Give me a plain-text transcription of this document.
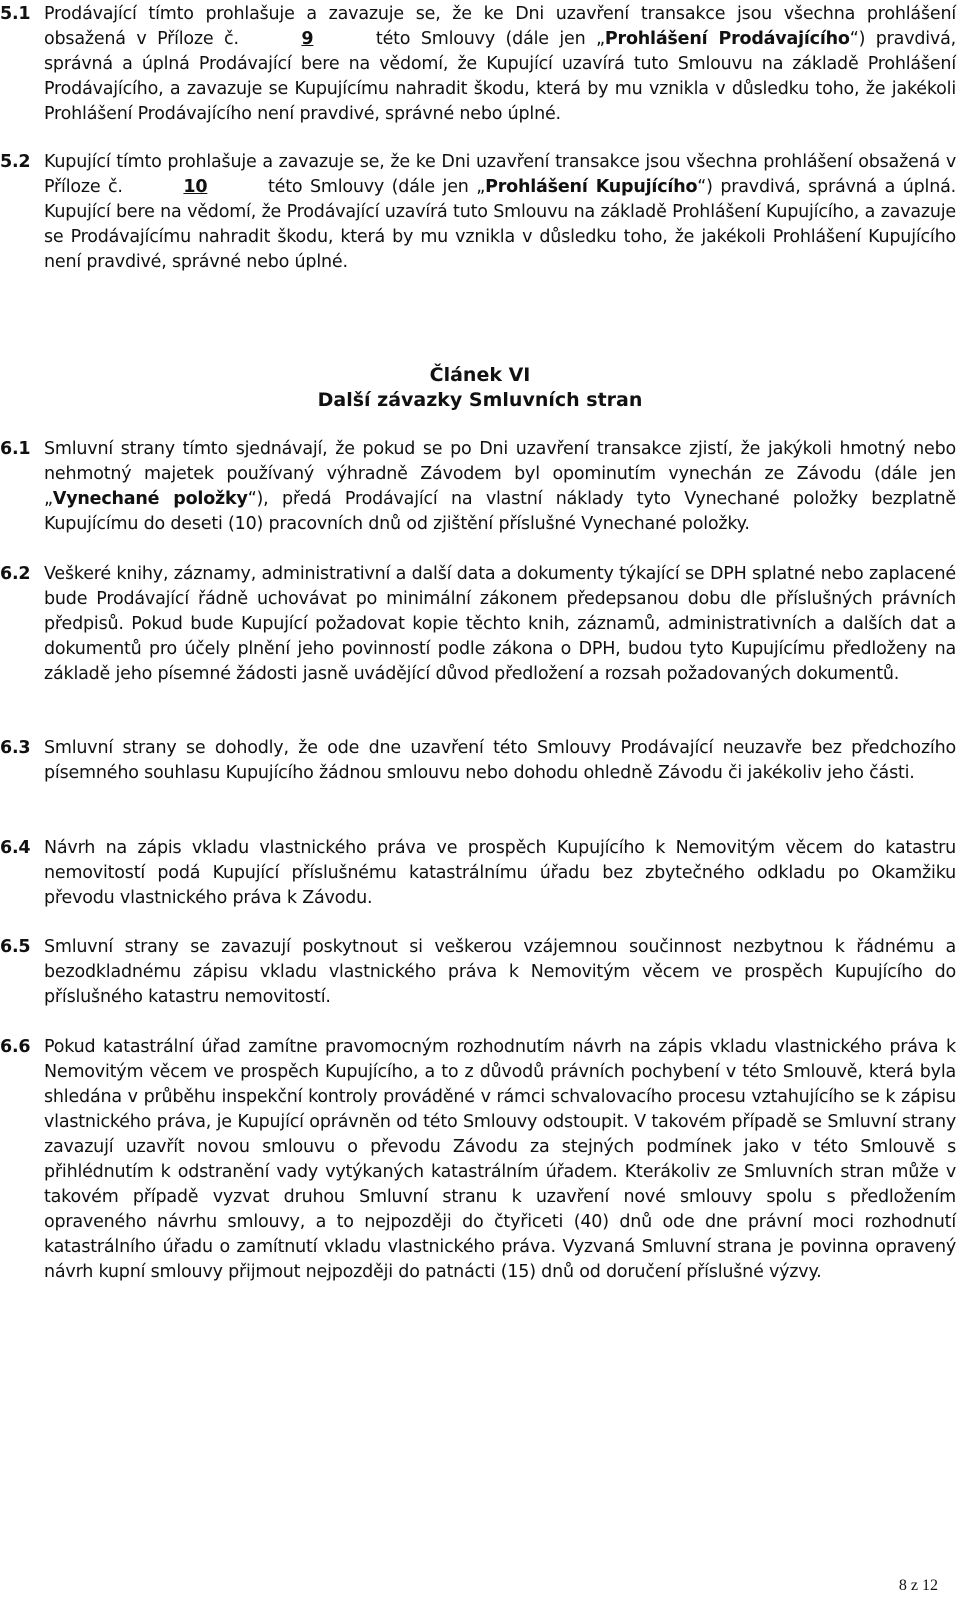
5.1 Prodávající tímto prohlašuje a zavazuje se, že ke Dni uzavření transakce jsou všechna prohlášení obsažená v Příloze č.	9	této Smlouvy (dále jen „Prohlášení Prodávajícího“) pravdivá, správná a úplná Prodávající bere na vědomí, že Kupující uzavírá tuto Smlouvu na základě Prohlášení Prodávajícího, a zavazuje se Kupujícímu nahradit škodu, která by mu vznikla v důsledku toho, že jakékoli Prohlášení Prodávajícího není pravdivé, správné nebo úplné.
5.2 Kupující tímto prohlašuje a zavazuje se, že ke Dni uzavření transakce jsou všechna prohlášení obsažená v Příloze č.	10	této Smlouvy (dále jen „Prohlášení Kupujícího“) pravdivá, správná a úplná. Kupující bere na vědomí, že Prodávající uzavírá tuto Smlouvu na základě Prohlášení Kupujícího, a zavazuje se Prodávajícímu nahradit škodu, která by mu vznikla v důsledku toho, že jakékoli Prohlášení Kupujícího není pravdivé, správné nebo úplné.
Článek VI
Další závazky Smluvních stran
6.1 Smluvní strany tímto sjednávají, že pokud se po Dni uzavření transakce zjistí, že jakýkoli hmotný nebo nehmotný majetek používaný výhradně Závodem byl opominutím vynechán ze Závodu (dále jen „Vynechané položky“), předá Prodávající na vlastní náklady tyto Vynechané položky bezplatně Kupujícímu do deseti (10) pracovních dnů od zjištění příslušné Vynechané položky.
6.2 Veškeré knihy, záznamy, administrativní a další data a dokumenty týkající se DPH splatné nebo zaplacené bude Prodávající řádně uchovávat po minimální zákonem předepsanou dobu dle příslušných právních předpisů. Pokud bude Kupující požadovat kopie těchto knih, záznamů, administrativních a dalších dat a dokumentů pro účely plnění jeho povinností podle zákona o DPH, budou tyto Kupujícímu předloženy na základě jeho písemné žádosti jasně uvádějící důvod předložení a rozsah požadovaných dokumentů.
6.3 Smluvní strany se dohodly, že ode dne uzavření této Smlouvy Prodávající neuzavře bez předchozího písemného souhlasu Kupujícího žádnou smlouvu nebo dohodu ohledně Závodu či jakékoliv jeho části.
6.4 Návrh na zápis vkladu vlastnického práva ve prospěch Kupujícího k Nemovitým věcem do katastru nemovitostí podá Kupující příslušnému katastrálnímu úřadu bez zbytečného odkladu po Okamžiku převodu vlastnického práva k Závodu.
6.5 Smluvní strany se zavazují poskytnout si veškerou vzájemnou součinnost nezbytnou k řádnému a bezodkladnému zápisu vkladu vlastnického práva k Nemovitým věcem ve prospěch Kupujícího do příslušného katastru nemovitostí.
6.6 Pokud katastrální úřad zamítne pravomocným rozhodnutím návrh na zápis vkladu vlastnického práva k Nemovitým věcem ve prospěch Kupujícího, a to z důvodů právních pochybení v této Smlouvě, která byla shledána v průběhu inspekční kontroly prováděné v rámci schvalovacího procesu vztahujícího se k zápisu vlastnického práva, je Kupující oprávněn od této Smlouvy odstoupit. V takovém případě se Smluvní strany zavazují uzavřít novou smlouvu o převodu Závodu za stejných podmínek jako v této Smlouvě s přihlédnutím k odstranění vady vytýkaných katastrálním úřadem. Kterákoliv ze Smluvních stran může v takovém případě vyzvat druhou Smluvní stranu k uzavření nové smlouvy spolu s předložením opraveného návrhu smlouvy, a to nejpozději do čtyřiceti (40) dnů ode dne právní moci rozhodnutí katastrálního úřadu o zamítnutí vkladu vlastnického práva. Vyzvaná Smluvní strana je povinna opravený návrh kupní smlouvy přijmout nejpozději do patnácti (15) dnů od doručení příslušné výzvy.
8 z 12
